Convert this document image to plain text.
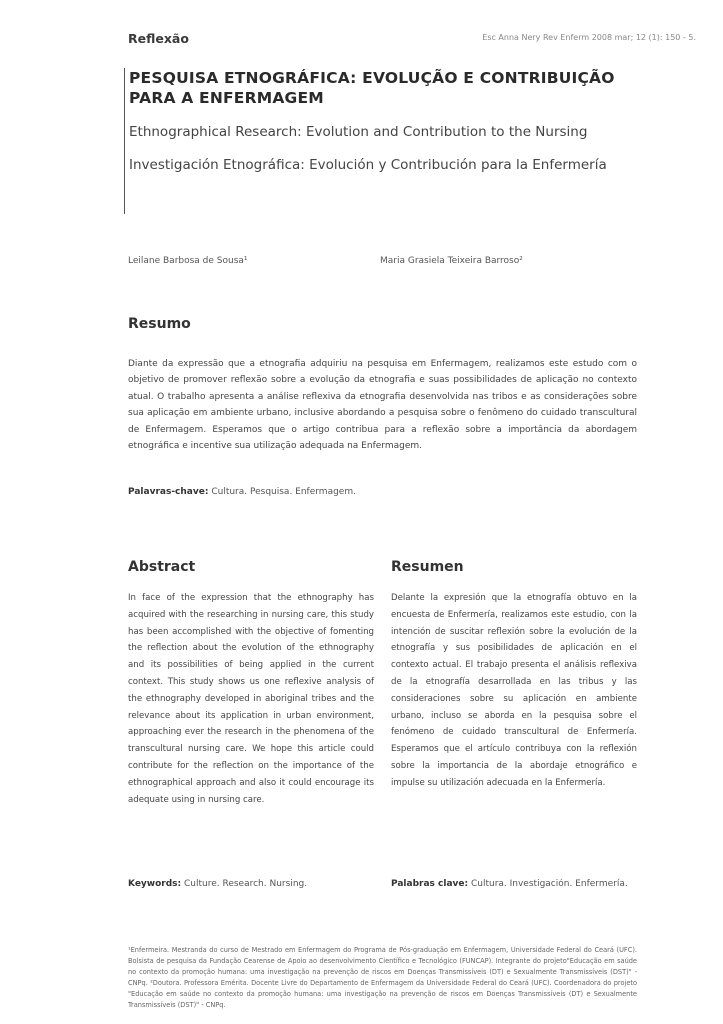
Reflexão	Esc Anna Nery Rev Enferm 2008 mar; 12 (1): 150 - 5.
PESQUISA ETNOGRÁFICA: EVOLUÇÃO E CONTRIBUIÇÃO PARA A ENFERMAGEM

Ethnographical Research: Evolution and Contribution to the Nursing

Investigación Etnográfica: Evolución y Contribución para la Enfermería

Leilane Barbosa de Sousa¹	Maria Grasiela Teixeira Barroso²
Resumo
Diante da expressão que a etnografia adquiriu na pesquisa em Enfermagem, realizamos este estudo com o objetivo de promover reflexão sobre a evolução da etnografia e suas possibilidades de aplicação no contexto atual. O trabalho apresenta a análise reflexiva da etnografia desenvolvida nas tribos e as considerações sobre sua aplicação em ambiente urbano, inclusive abordando a pesquisa sobre o fenômeno do cuidado transcultural de Enfermagem. Esperamos que o artigo contribua para a reflexão sobre a importância da abordagem etnográfica e incentive sua utilização adequada na Enfermagem.
Palavras-chave: Cultura. Pesquisa. Enfermagem.
Abstract	Resumen
In face of the expression that the ethnography has acquired with the researching in nursing care, this study has been accomplished with the objective of fomenting the reflection about the evolution of the ethnography and its possibilities of being applied in the current context. This study shows us one reflexive analysis of the ethnography developed in aboriginal tribes and the relevance about its application in urban environment, approaching ever the research in the phenomena of the transcultural nursing care. We hope this article could contribute for the reflection on the importance of the ethnographical approach and also it could encourage its adequate using in nursing care.
Delante la expresión que la etnografía obtuvo en la encuesta de Enfermería, realizamos este estudio, con la intención de suscitar reflexión sobre la evolución de la etnografía y sus posibilidades de aplicación en el contexto actual. El trabajo presenta el análisis reflexiva de la etnografía desarrollada en las tribus y las consideraciones sobre su aplicación en ambiente urbano, incluso se aborda en la pesquisa sobre el fenómeno de cuidado transcultural de Enfermería. Esperamos que el artículo contribuya con la reflexión sobre la importancia de la abordaje etnográfico e impulse su utilización adecuada en la Enfermería.
Keywords: Culture. Research. Nursing.	Palabras clave: Cultura. Investigación. Enfermería.

¹Enfermeira. Mestranda do curso de Mestrado em Enfermagem do Programa de Pós-graduação em Enfermagem, Universidade Federal do Ceará (UFC). Bolsista de pesquisa da Fundação Cearense de Apoio ao desenvolvimento Científico e Tecnológico (FUNCAP). Integrante do projeto"Educação em saúde no contexto da promoção humana: uma investigação na prevenção de riscos em Doenças Transmissíveis (DT) e Sexualmente Transmissíveis (DST)" - CNPq. ²Doutora. Professora Emérita. Docente Livre do Departamento de Enfermagem da Universidade Federal do Ceará (UFC). Coordenadora do projeto "Educação em saúde no contexto da promoção humana: uma investigação na prevenção de riscos em Doenças Transmissíveis (DT) e Sexualmente Transmissíveis (DST)" - CNPq.
